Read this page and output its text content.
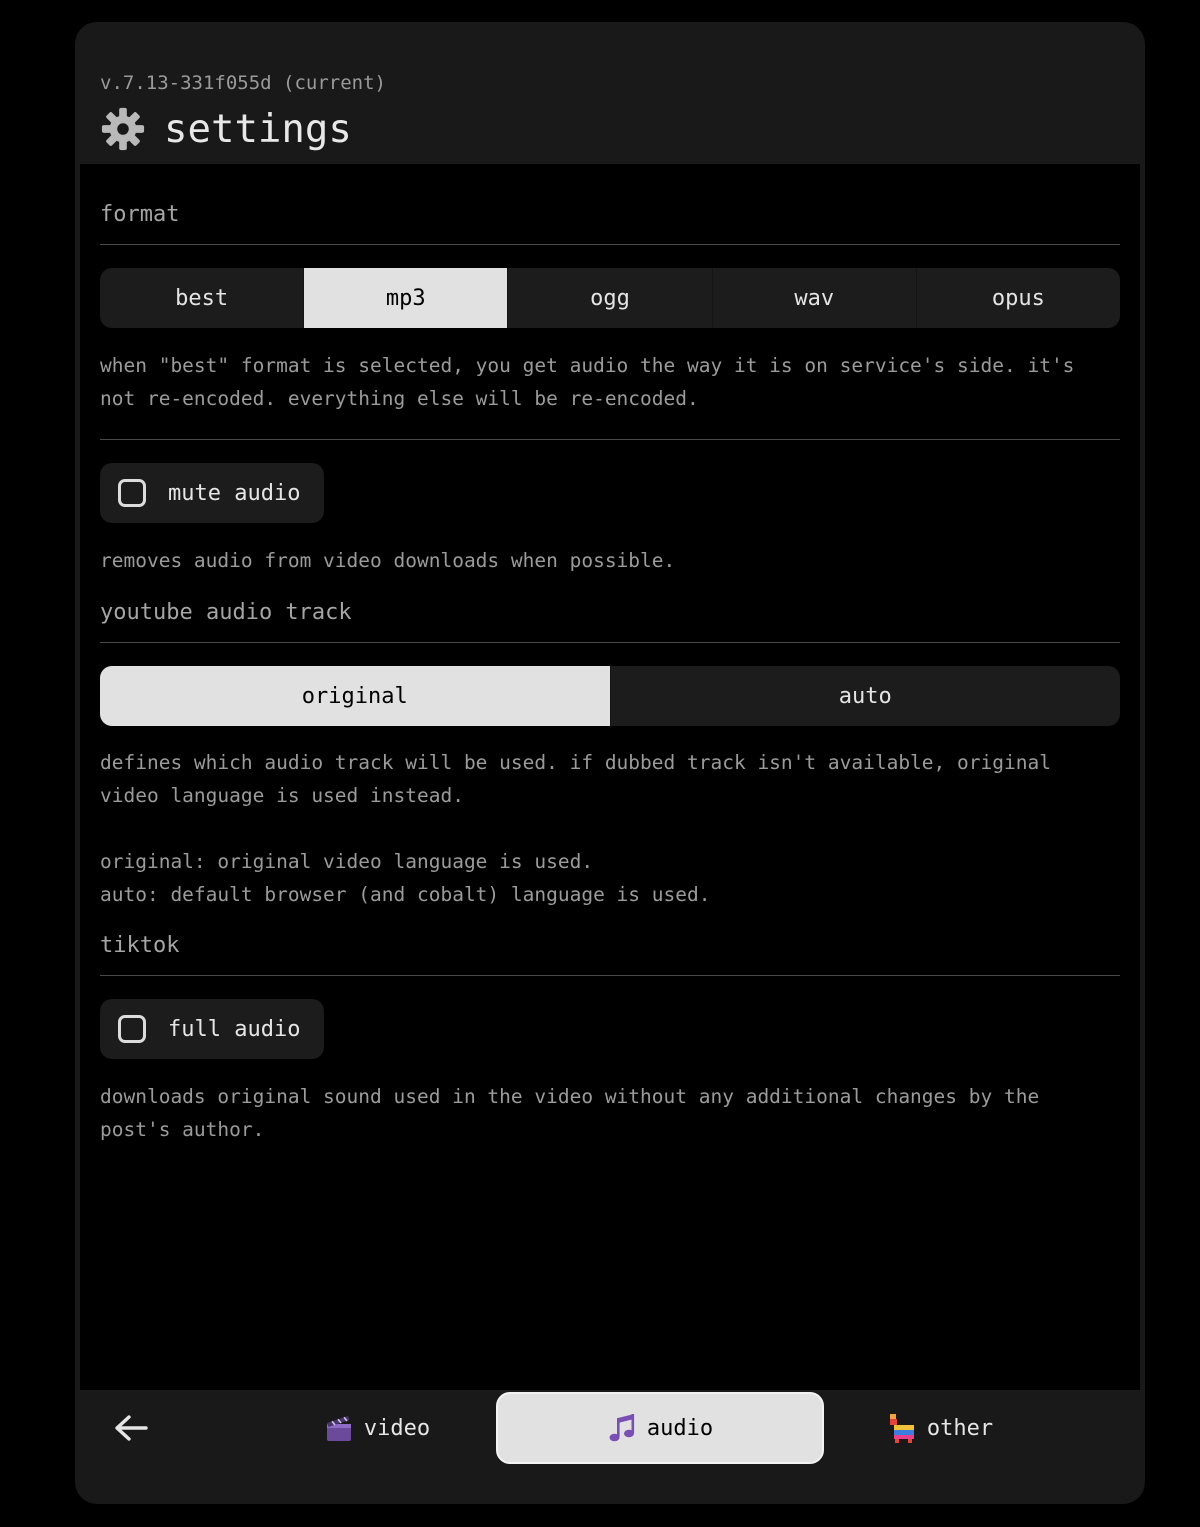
v.7.13-331f055d (current)
settings
format
best	mp3	ogg	wav	opus
when "best" format is selected, you get audio the way it is on service's side. it's
not re-encoded. everything else will be re-encoded.
mute audio
removes audio from video downloads when possible.
youtube audio track
original	auto
defines which audio track will be used. if dubbed track isn't available, original
video language is used instead.

original: original video language is used.
auto: default browser (and cobalt) language is used.
tiktok
full audio
downloads original sound used in the video without any additional changes by the
post's author.
video	audio	other
